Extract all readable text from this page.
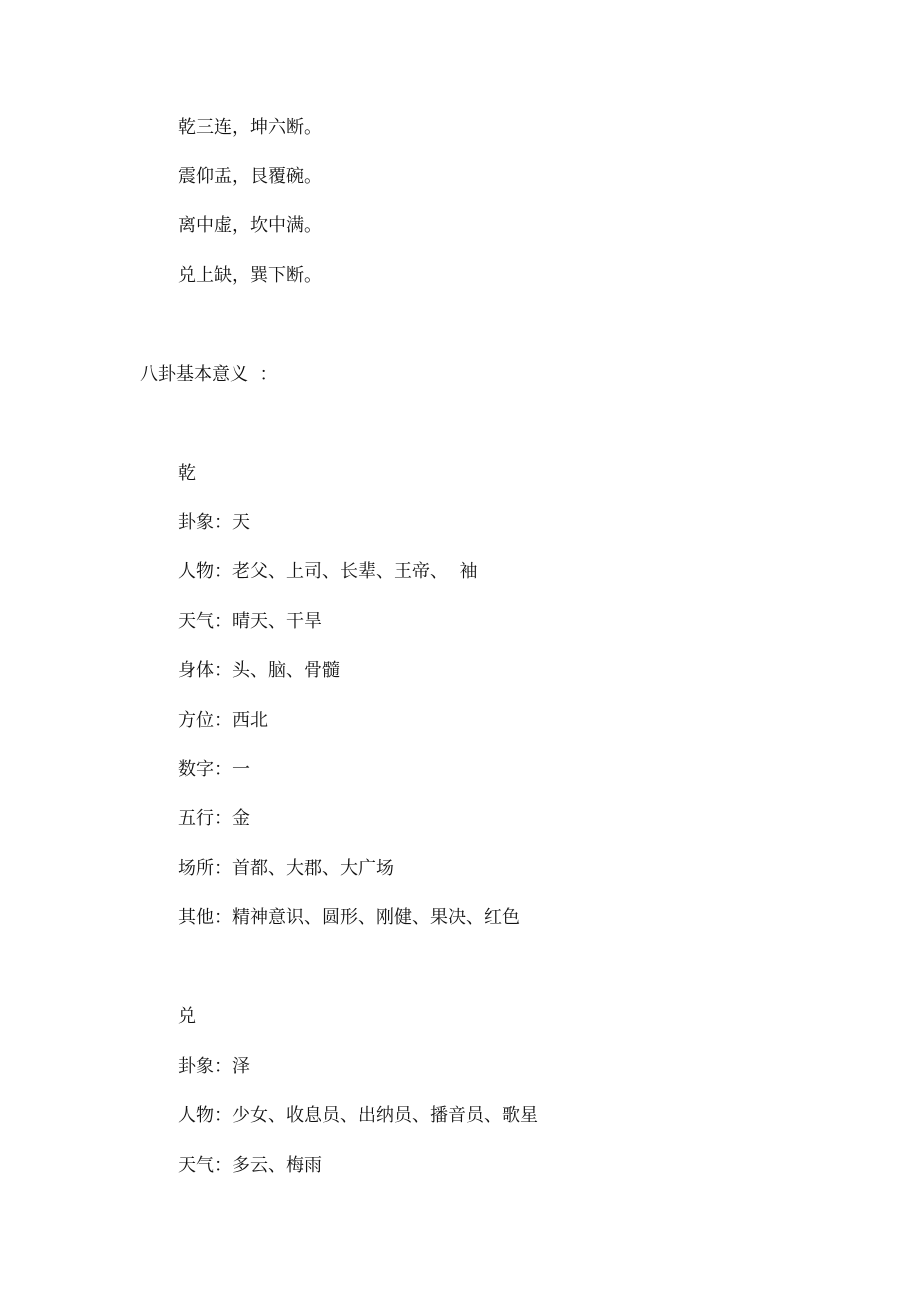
乾三连，坤六断。

震仰盂，艮覆碗。

离中虚，坎中满。

兑上缺，巽下断。

八卦基本意义  ：

乾

卦象：天

人物：老父、上司、长辈、王帝、  袖

天气：晴天、干旱

身体：头、脑、骨髓

方位：西北

数字：一

五行：金

场所：首都、大郡、大广场

其他：精神意识、圆形、刚健、果决、红色

兑

卦象：泽

人物：少女、收息员、出纳员、播音员、歌星

天气：多云、梅雨
